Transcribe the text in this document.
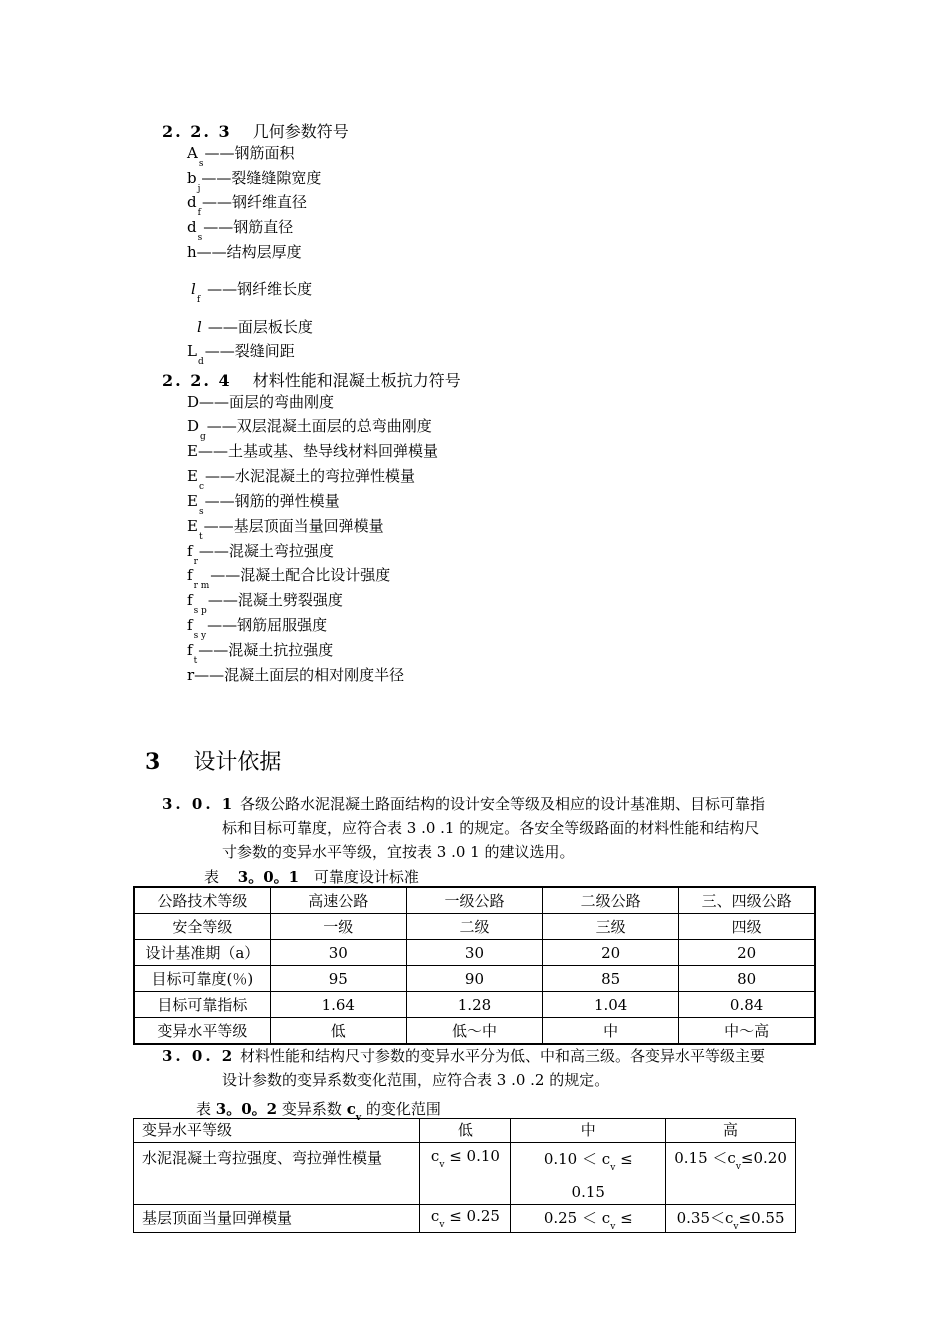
2. 2. 3 几何参数符号
$A_s——$钢筋面积
$b_j——$裂缝缝隙宽度
$d_f——$钢纤维直径
$d_s——$钢筋直径
h——结构层厚度
$l_f——$钢纤维长度
l ——面层板长度
$L_d——$裂缝间距
2. 2. 4 材料性能和混凝土板抗力符号
D——面层的弯曲刚度
$D_g——$双层混凝土面层的总弯曲刚度
E——土基或基、垫导线材料回弹模量
$E_c——$水泥混凝土的弯拉弹性模量
$E_s——$钢筋的弹性模量
$E_t——$基层顶面当量回弹模量
$f_r——$混凝土弯拉强度
$f_{r m}——$混凝土配合比设计强度
$f_{s p}——$混凝土劈裂强度
$f_{s y}——$钢筋屈服强度
$f_t——$混凝土抗拉强度
r——混凝土面层的相对刚度半径
3 设计依据
3. 0. 1 各级公路水泥混凝土路面结构的设计安全等级及相应的设计基准期、目标可靠指
标和目标可靠度，应符合表 3 .0 .1 的规定。各安全等级路面的材料性能和结构尺
寸参数的变异水平等级，宜按表 3 .0 1 的建议选用。
表 3。0。1 可靠度设计标准
公路技术等级	高速公路	一级公路	二级公路	三、四级公路
安全等级	一级	二级	三级	四级
设计基准期（a）	30	30	20	20
目标可靠度(％)	95	90	85	80
目标可靠指标	1.64	1.28	1.04	0.84
变异水平等级	低	低～中	中	中～高
3. 0. 2 材料性能和结构尺寸参数的变异水平分为低、中和高三级。各变异水平等级主要
设计参数的变异系数变化范围，应符合表 3 .0 .2 的规定。
表 3。0。2 变异系数 $c_v$ 的变化范围
变异水平等级	低	中	高
水泥混凝土弯拉强度、弯拉弹性模量	$c_v \le 0.10$	$0.10 < c_v$ ≤
0.15	$0.15 <c_v\le 0.20$
基层顶面当量回弹模量	$c_v \le 0.25$	$0.25 < c_v$ ≤	$0.35<c_v\le 0.55$
